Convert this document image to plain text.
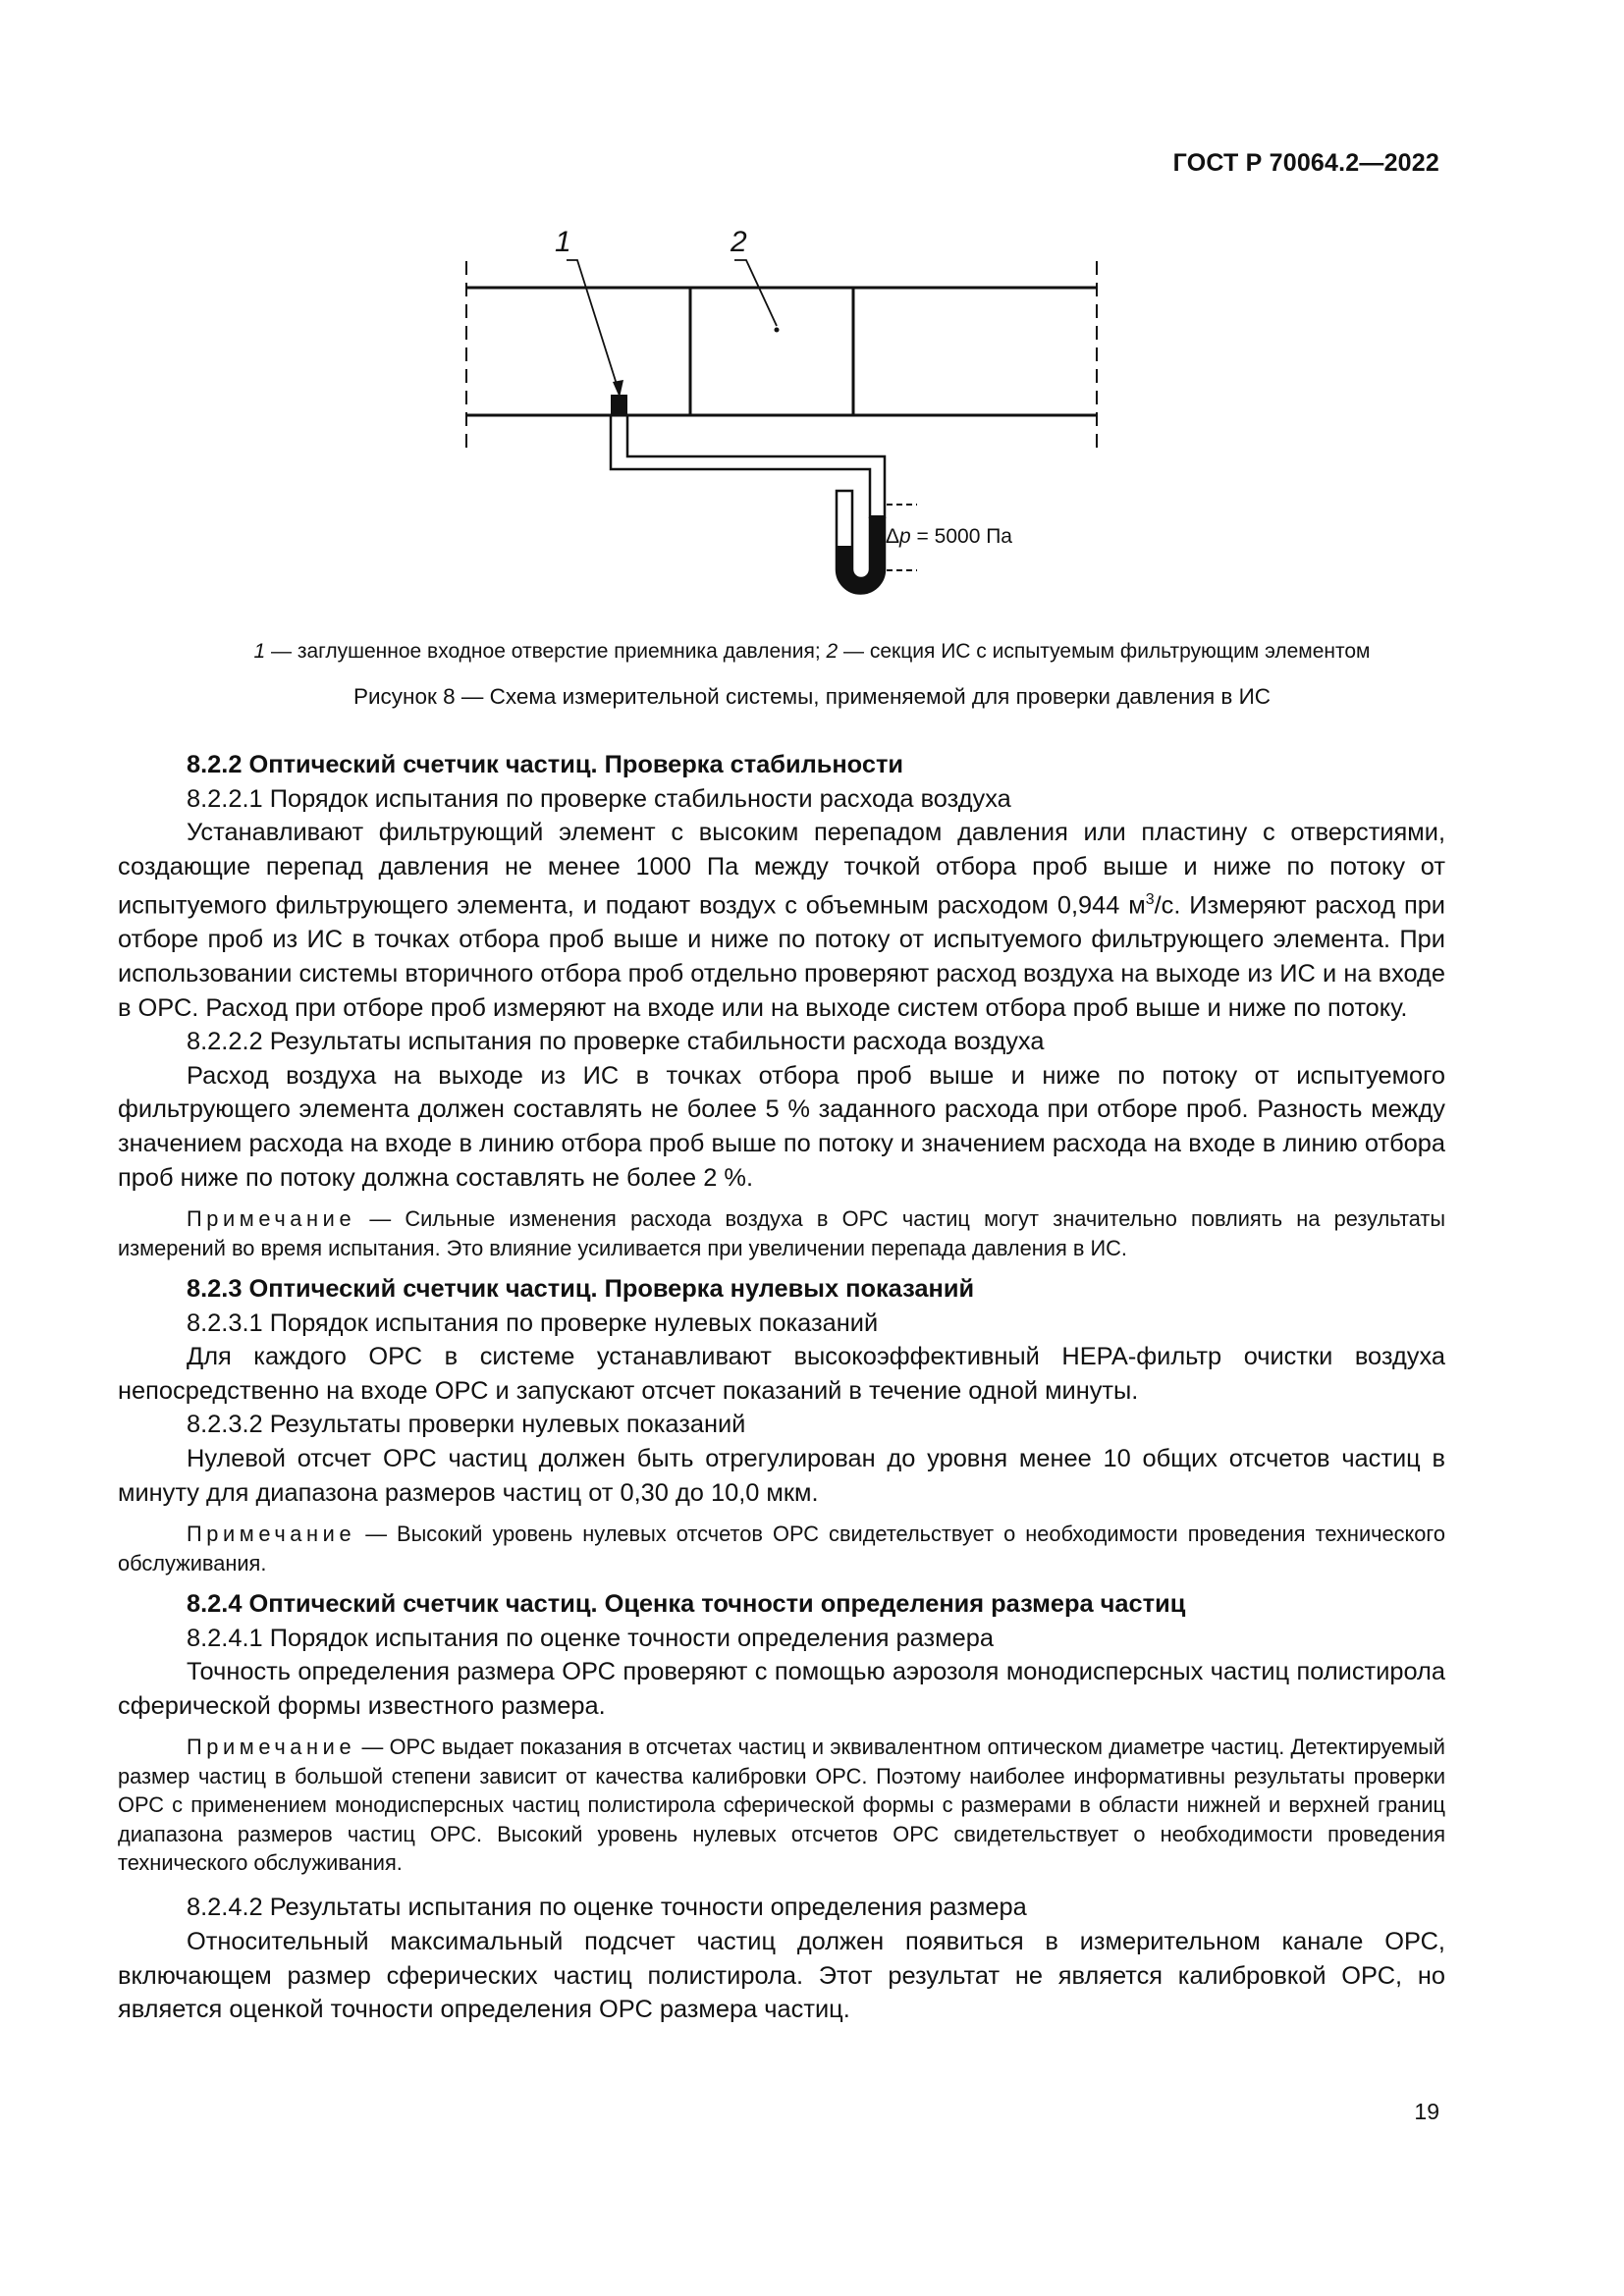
ГОСТ Р 70064.2—2022
1	2
Δp = 5000 Па
1 — заглушенное входное отверстие приемника давления; 2 — секция ИС с испытуемым фильтрующим элементом
Рисунок 8 — Схема измерительной системы, применяемой для проверки давления в ИС

8.2.2 Оптический счетчик частиц. Проверка стабильности

8.2.2.1 Порядок испытания по проверке стабильности расхода воздуха

Устанавливают фильтрующий элемент с высоким перепадом давления или пластину с отверстиями, создающие перепад давления не менее 1000 Па между точкой отбора проб выше и ниже по потоку от испытуемого фильтрующего элемента, и подают воздух с объемным расходом 0,944 $м^3/с$. Измеряют расход при отборе проб из ИС в точках отбора проб выше и ниже по потоку от испытуемого фильтрующего элемента. При использовании системы вторичного отбора проб отдельно проверяют расход воздуха на выходе из ИС и на входе в ОРС. Расход при отборе проб измеряют на входе или на выходе систем отбора проб выше и ниже по потоку.

8.2.2.2 Результаты испытания по проверке стабильности расхода воздуха

Расход воздуха на выходе из ИС в точках отбора проб выше и ниже по потоку от испытуемого фильтрующего элемента должен составлять не более 5 % заданного расхода при отборе проб. Разность между значением расхода на входе в линию отбора проб выше по потоку и значением расхода на входе в линию отбора проб ниже по потоку должна составлять не более 2 %.

Примечание — Сильные изменения расхода воздуха в ОРС частиц могут значительно повлиять на результаты измерений во время испытания. Это влияние усиливается при увеличении перепада давления в ИС.

8.2.3 Оптический счетчик частиц. Проверка нулевых показаний

8.2.3.1 Порядок испытания по проверке нулевых показаний

Для каждого ОРС в системе устанавливают высокоэффективный НЕРА-фильтр очистки воздуха непосредственно на входе ОРС и запускают отсчет показаний в течение одной минуты.

8.2.3.2 Результаты проверки нулевых показаний

Нулевой отсчет ОРС частиц должен быть отрегулирован до уровня менее 10 общих отсчетов частиц в минуту для диапазона размеров частиц от 0,30 до 10,0 мкм.

Примечание — Высокий уровень нулевых отсчетов ОРС свидетельствует о необходимости проведения технического обслуживания.

8.2.4 Оптический счетчик частиц. Оценка точности определения размера частиц

8.2.4.1 Порядок испытания по оценке точности определения размера

Точность определения размера ОРС проверяют с помощью аэрозоля монодисперсных частиц полистирола сферической формы известного размера.

Примечание — ОРС выдает показания в отсчетах частиц и эквивалентном оптическом диаметре частиц. Детектируемый размер частиц в большой степени зависит от качества калибровки ОРС. Поэтому наиболее информативны результаты проверки ОРС с применением монодисперсных частиц полистирола сферической формы с размерами в области нижней и верхней границ диапазона размеров частиц ОРС. Высокий уровень нулевых отсчетов ОРС свидетельствует о необходимости проведения технического обслуживания.

8.2.4.2 Результаты испытания по оценке точности определения размера

Относительный максимальный подсчет частиц должен появиться в измерительном канале ОРС, включающем размер сферических частиц полистирола. Этот результат не является калибровкой ОРС, но является оценкой точности определения ОРС размера частиц.

19
